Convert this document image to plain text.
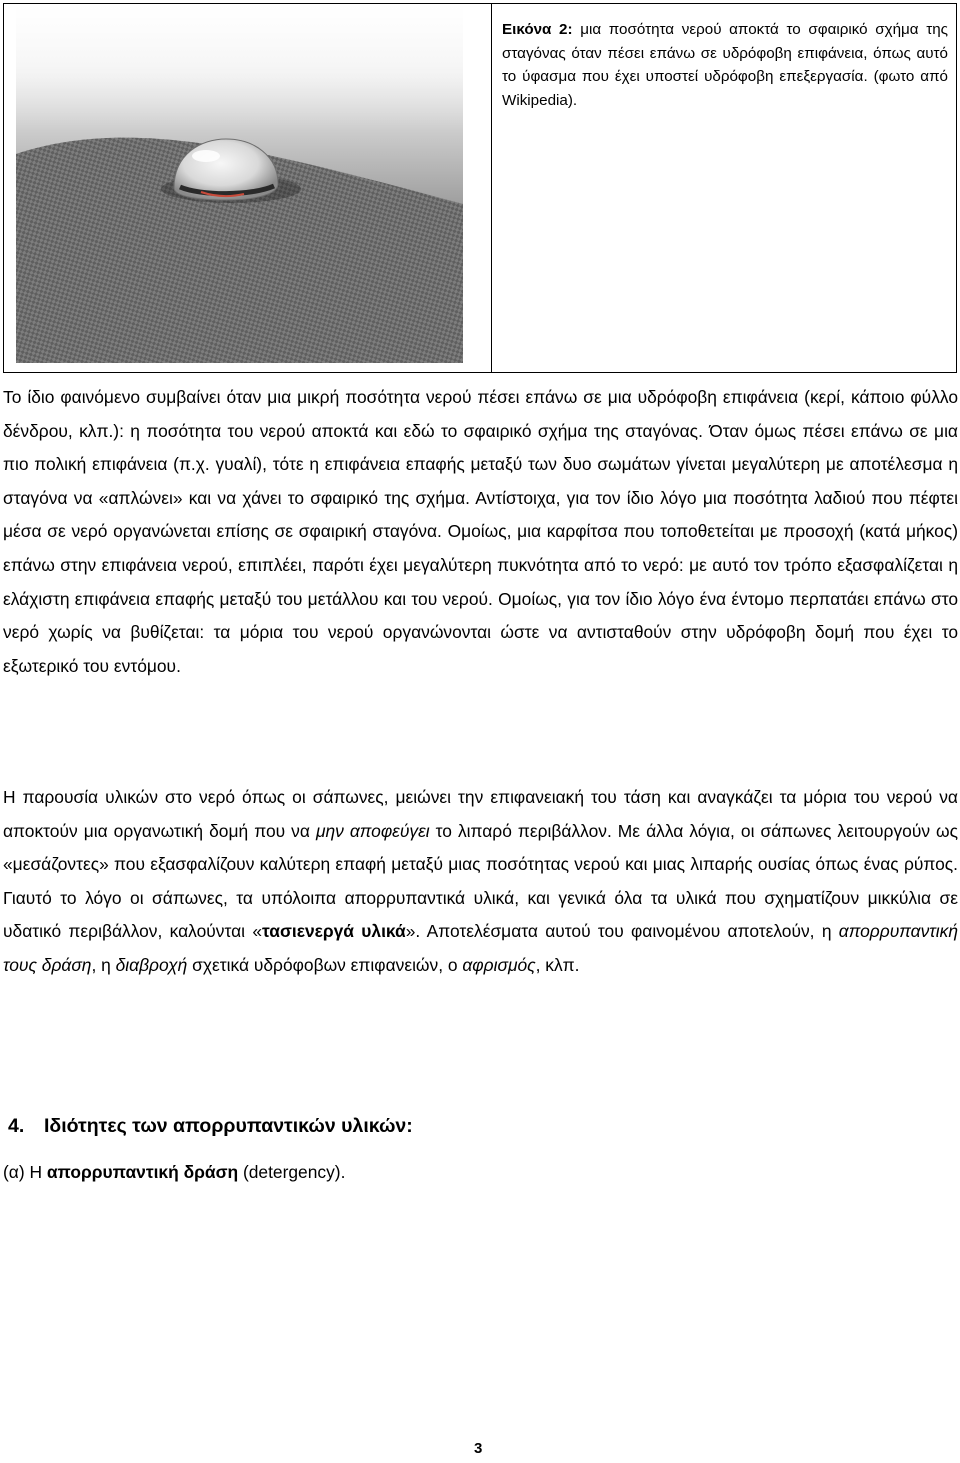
Εικόνα 2: μια ποσότητα νερού αποκτά το σφαιρικό σχήμα της σταγόνας όταν πέσει επάνω σε υδρόφοβη επιφάνεια, όπως αυτό το ύφασμα που έχει υποστεί υδρόφοβη επεξεργασία. (φωτο από Wikipedia).
Το ίδιο φαινόμενο συμβαίνει όταν μια μικρή ποσότητα νερού πέσει επάνω σε μια υδρόφοβη επιφάνεια (κερί, κάποιο φύλλο δένδρου, κλπ.): η ποσότητα του νερού αποκτά και εδώ το σφαιρικό σχήμα της σταγόνας. Όταν όμως πέσει επάνω σε μια πιο πολική επιφάνεια (π.χ. γυαλί), τότε η επιφάνεια επαφής μεταξύ των δυο σωμάτων γίνεται μεγαλύτερη με αποτέλεσμα η σταγόνα να «απλώνει» και να χάνει το σφαιρικό της σχήμα. Αντίστοιχα, για τον ίδιο λόγο μια ποσότητα λαδιού που πέφτει μέσα σε νερό οργανώνεται επίσης σε σφαιρική σταγόνα. Ομοίως, μια καρφίτσα που τοποθετείται με προσοχή (κατά μήκος) επάνω στην επιφάνεια νερού, επιπλέει, παρότι έχει μεγαλύτερη πυκνότητα από το νερό: με αυτό τον τρόπο εξασφαλίζεται η ελάχιστη επιφάνεια επαφής μεταξύ του μετάλλου και του νερού. Ομοίως, για τον ίδιο λόγο ένα έντομο περπατάει επάνω στο νερό χωρίς να βυθίζεται: τα μόρια του νερού οργανώνονται ώστε να αντισταθούν στην υδρόφοβη δομή που έχει το εξωτερικό του εντόμου.
Η παρουσία υλικών στο νερό όπως οι σάπωνες, μειώνει την επιφανειακή του τάση και αναγκάζει τα μόρια του νερού να αποκτούν μια οργανωτική δομή που να μην αποφεύγει το λιπαρό περιβάλλον. Με άλλα λόγια, οι σάπωνες λειτουργούν ως «μεσάζοντες» που εξασφαλίζουν καλύτερη επαφή μεταξύ μιας ποσότητας νερού και μιας λιπαρής ουσίας όπως ένας ρύπος. Γιαυτό το λόγο οι σάπωνες, τα υπόλοιπα απορρυπαντικά υλικά, και γενικά όλα τα υλικά που σχηματίζουν μικκύλια σε υδατικό περιβάλλον, καλούνται «τασιενεργά υλικά». Αποτελέσματα αυτού του φαινομένου αποτελούν, η απορρυπαντική τους δράση, η διαβροχή σχετικά υδρόφοβων επιφανειών, ο αφρισμός, κλπ.
4. Ιδιότητες των απορρυπαντικών υλικών:
(α) Η απορρυπαντική δράση (detergency).
3
